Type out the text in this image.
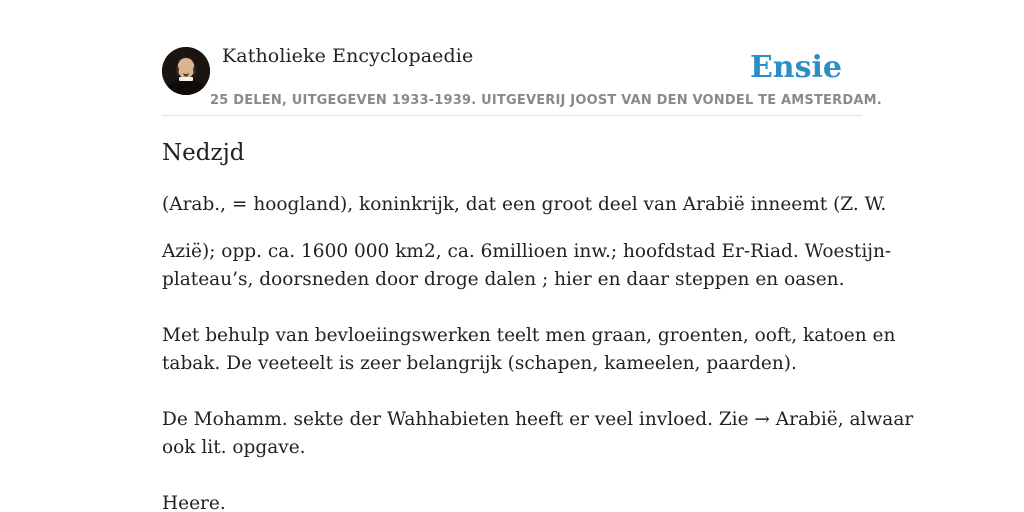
Katholieke Encyclopaedie	Ensie
25 DELEN, UITGEGEVEN 1933-1939. UITGEVERIJ JOOST VAN DEN VONDEL TE AMSTERDAM.
Nedzjd

(Arab., = hoogland), koninkrijk, dat een groot deel van Arabië inneemt (Z. W.

Azië); opp. ca. 1600 000 km2, ca. 6millioen inw.; hoofdstad Er-Riad. Woestijn-

plateau’s, doorsneden door droge dalen ; hier en daar steppen en oasen.

Met behulp van bevloeiingswerken teelt men graan, groenten, ooft, katoen en

tabak. De veeteelt is zeer belangrijk (schapen, kameelen, paarden).

De Mohamm. sekte der Wahhabieten heeft er veel invloed. Zie → Arabië, alwaar

ook lit. opgave.

Heere.
